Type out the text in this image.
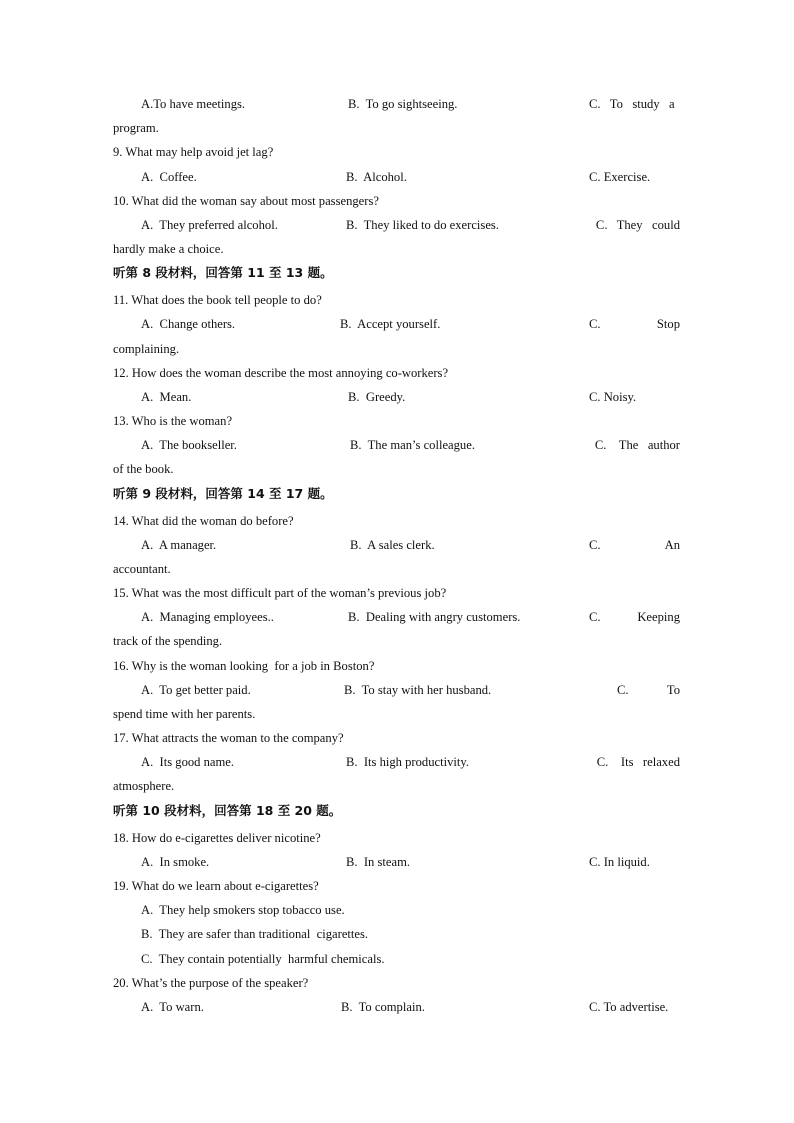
A.To have meetings.	B.  To go sightseeing.	C.   To   study   a
program.
9. What may help avoid jet lag?
A.  Coffee.	B.  Alcohol.	C. Exercise.
10. What did the woman say about most passengers?
A.  They preferred alcohol.	B.  They liked to do exercises.	C.   They   could
hardly make a choice.
听第 8 段材料，回答第 11 至 13 题。
11. What does the book tell people to do?
A.  Change others.	B.  Accept yourself.	C.	Stop
complaining.
12. How does the woman describe the most annoying co-workers?
A.  Mean.	B.  Greedy.	C. Noisy.
13. Who is the woman?
A.  The bookseller.	B.  The man’s colleague.	C.    The   author
of the book.
听第 9 段材料，回答第 14 至 17 题。
14. What did the woman do before?
A.  A manager.	B.  A sales clerk.	C.	An
accountant.
15. What was the most difficult part of the woman’s previous job?
A.  Managing employees..	B.  Dealing with angry customers.	C.	Keeping
track of the spending.
16. Why is the woman looking  for a job in Boston?
A.  To get better paid.	B.  To stay with her husband.	C.	To
spend time with her parents.
17. What attracts the woman to the company?
A.  Its good name.	B.  Its high productivity.	C.    Its   relaxed
atmosphere.
听第 10 段材料，回答第 18 至 20 题。
18. How do e-cigarettes deliver nicotine?
A.  In smoke.	B.  In steam.	C. In liquid.
19. What do we learn about e-cigarettes?
A.  They help smokers stop tobacco use.
B.  They are safer than traditional  cigarettes.
C.  They contain potentially  harmful chemicals.
20. What’s the purpose of the speaker?
A.  To warn.	B.  To complain.	C. To advertise.
